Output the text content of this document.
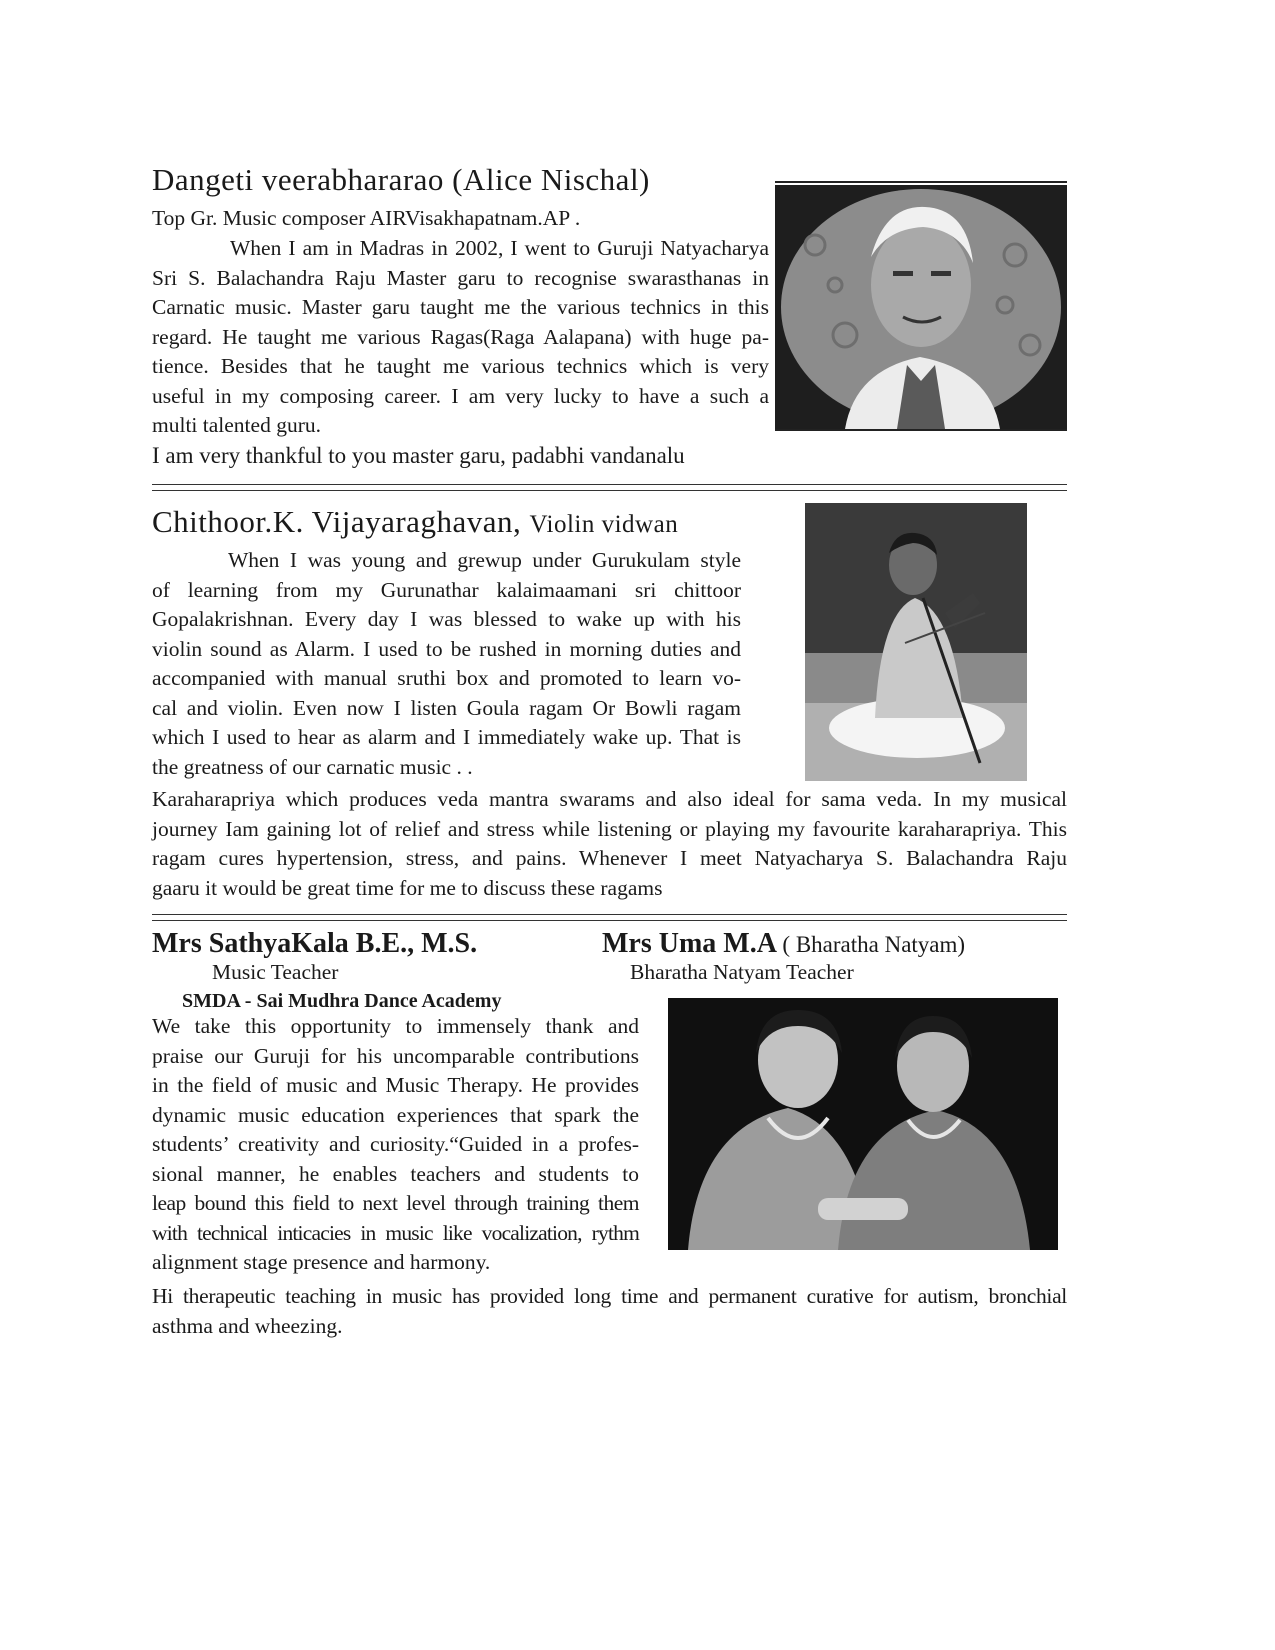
Dangeti veerabhararao (Alice Nischal)
Top Gr. Music composer AIRVisakhapatnam.AP .
When I am in Madras in 2002, I went to Guruji Natyacharya
Sri S. Balachandra Raju Master garu to recognise swarasthanas in
Carnatic music. Master garu taught me the various technics in this
regard. He taught me various Ragas(Raga Aalapana) with huge pa-
tience. Besides that he taught me various technics which is very
useful in my composing career. I am very lucky to have a such a
multi talented guru.
I am very thankful to you master garu, padabhi vandanalu
Chithoor.K. Vijayaraghavan, Violin vidwan
When I was young and grewup under Gurukulam style
of learning from my Gurunathar kalaimaamani sri chittoor
Gopalakrishnan. Every day I was blessed to wake up with his
violin sound as Alarm. I used to be rushed in morning duties and
accompanied with manual sruthi box and promoted to learn vo-
cal and violin. Even now I listen Goula ragam Or Bowli ragam
which I used to hear as alarm and I immediately wake up. That is
the greatness of our carnatic music . .
Karaharapriya which produces veda mantra swarams and also ideal for sama veda. In my musical
journey Iam gaining lot of relief and stress while listening or playing my favourite karaharapriya. This
ragam cures hypertension, stress, and pains. Whenever I meet Natyacharya S. Balachandra Raju
gaaru it would be great time for me to discuss these ragams
Mrs SathyaKala B.E., M.S.
Music Teacher
Mrs Uma M.A ( Bharatha Natyam)
Bharatha Natyam Teacher
SMDA - Sai Mudhra Dance Academy
We take this opportunity to immensely thank and
praise our Guruji for his uncomparable contributions
in the field of music and Music Therapy. He provides
dynamic music education experiences that spark the
students’ creativity and curiosity.“Guided in a profes-
sional manner, he enables teachers and students to
leap bound this field to next level through training them
with technical inticacies in music like vocalization, rythm
alignment stage presence and harmony.
Hi therapeutic teaching in music has provided long time and permanent curative for autism, bronchial
asthma and wheezing.
